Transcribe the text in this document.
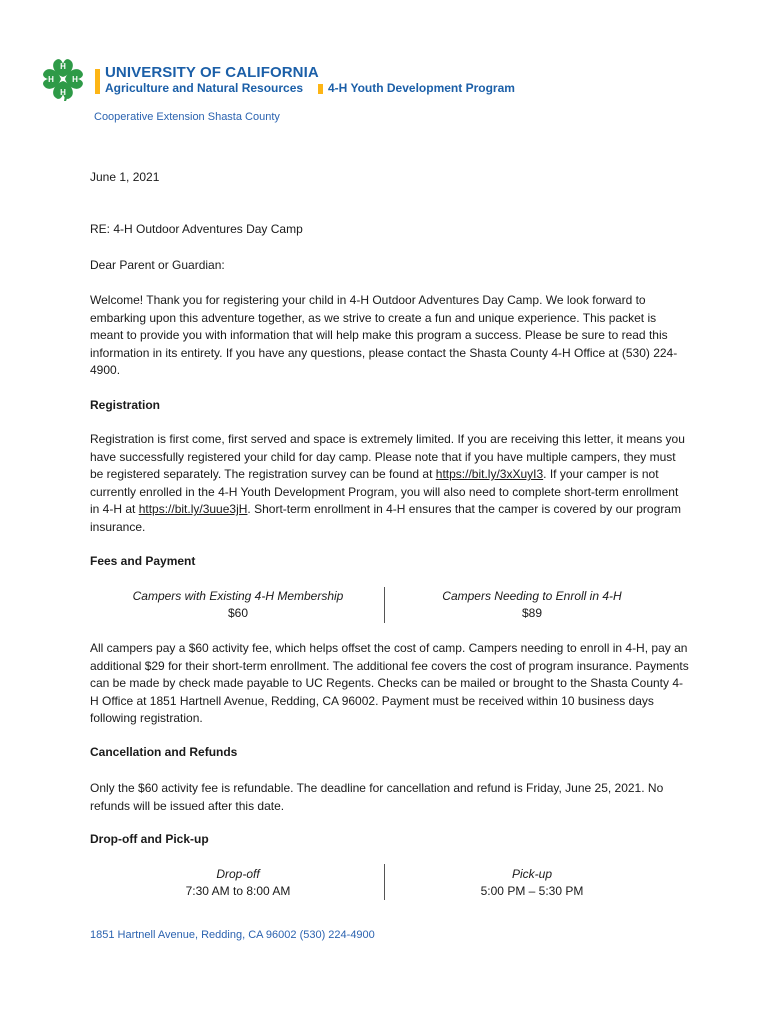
H
H
H
H	UNIVERSITY OF CALIFORNIA
Agriculture and Natural Resources 4-H Youth Development Program
Cooperative Extension Shasta County
June 1, 2021
RE: 4-H Outdoor Adventures Day Camp
Dear Parent or Guardian:
Welcome! Thank you for registering your child in 4-H Outdoor Adventures Day Camp. We look forward to embarking upon this adventure together, as we strive to create a fun and unique experience. This packet is meant to provide you with information that will help make this program a success. Please be sure to read this information in its entirety. If you have any questions, please contact the Shasta County 4-H Office at (530) 224-4900.
Registration
Registration is first come, first served and space is extremely limited. If you are receiving this letter, it means you have successfully registered your child for day camp. Please note that if you have multiple campers, they must be registered separately. The registration survey can be found at https://bit.ly/3xXuyI3. If your camper is not currently enrolled in the 4-H Youth Development Program, you will also need to complete short-term enrollment in 4-H at https://bit.ly/3uue3jH. Short-term enrollment in 4-H ensures that the camper is covered by our program insurance.
Fees and Payment
Campers with Existing 4-H Membership
$60
Campers Needing to Enroll in 4-H
$89
All campers pay a $60 activity fee, which helps offset the cost of camp. Campers needing to enroll in 4-H, pay an additional $29 for their short-term enrollment. The additional fee covers the cost of program insurance. Payments can be made by check made payable to UC Regents. Checks can be mailed or brought to the Shasta County 4-H Office at 1851 Hartnell Avenue, Redding, CA 96002. Payment must be received within 10 business days following registration.
Cancellation and Refunds
Only the $60 activity fee is refundable. The deadline for cancellation and refund is Friday, June 25, 2021. No refunds will be issued after this date.
Drop-off and Pick-up
Drop-off
7:30 AM to 8:00 AM
Pick-up
5:00 PM – 5:30 PM
1851 Hartnell Avenue, Redding, CA 96002 (530) 224-4900
